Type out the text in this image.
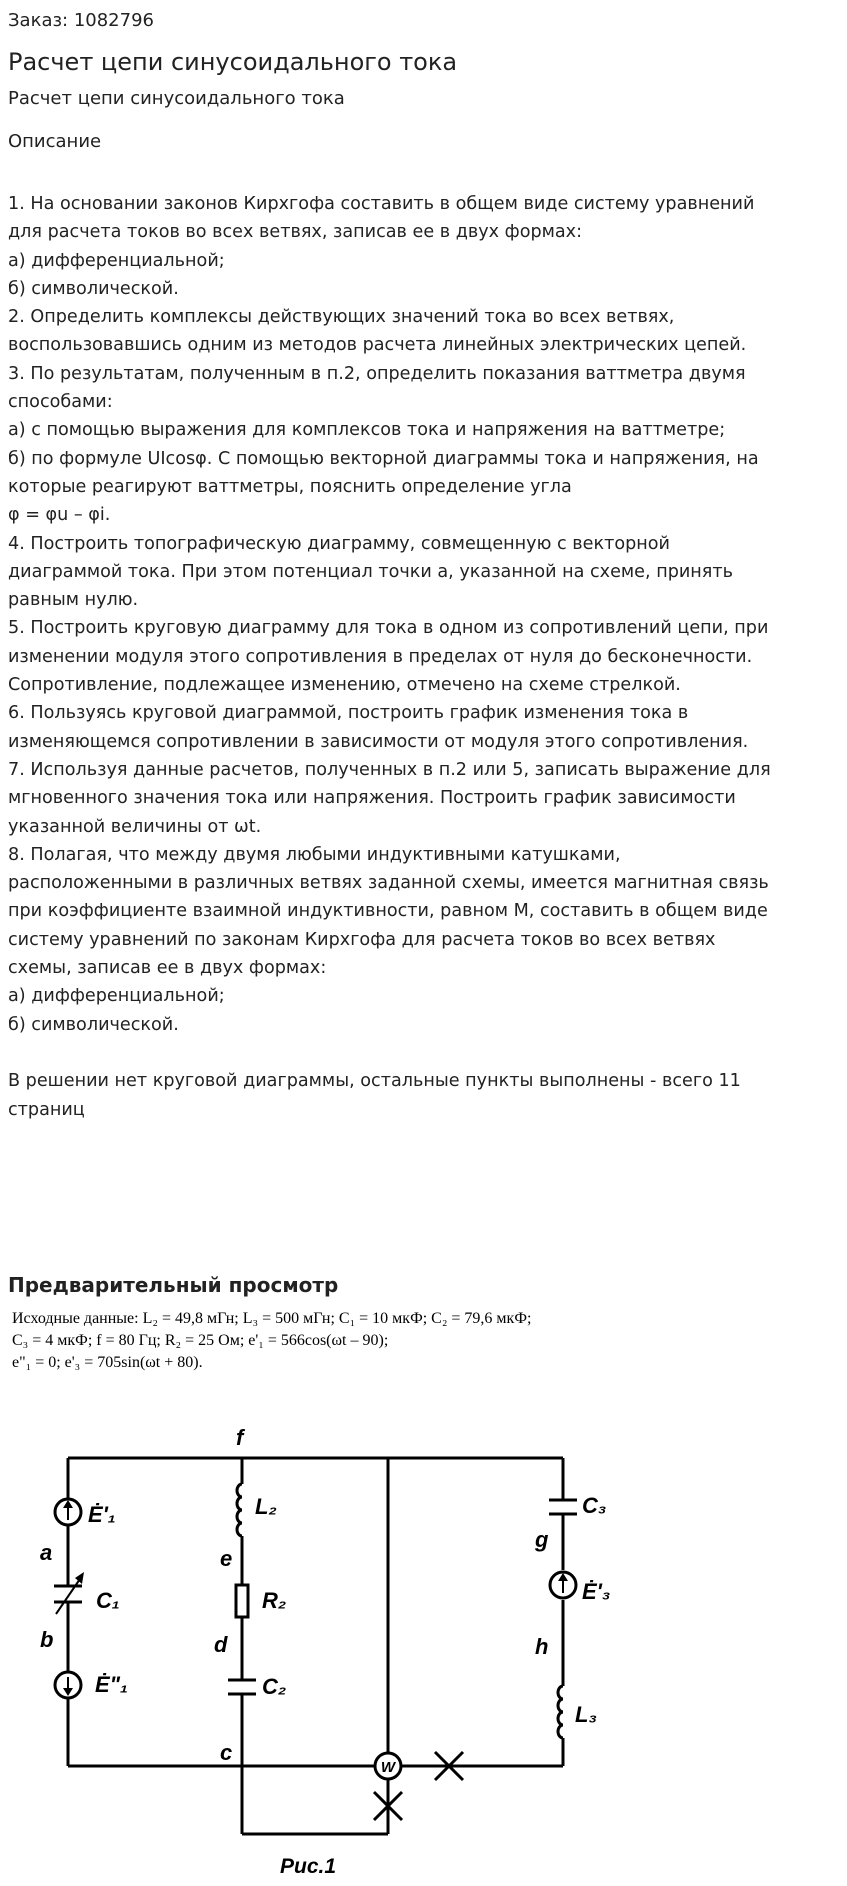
Заказ: 1082796
Расчет цепи синусоидального тока
Расчет цепи синусоидального тока
Описание
1. На основании законов Кирхгофа составить в общем виде систему уравнений
для расчета токов во всех ветвях, записав ее в двух формах:
а) дифференциальной;
б) символической.
2. Определить комплексы действующих значений тока во всех ветвях,
воспользовавшись одним из методов расчета линейных электрических цепей.
3. По результатам, полученным в п.2, определить показания ваттметра двумя
способами:
а) с помощью выражения для комплексов тока и напряжения на ваттметре;
б) по формуле UIcosφ. С помощью векторной диаграммы тока и напряжения, на
которые реагируют ваттметры, пояснить определение угла
φ = φu – φi.
4. Построить топографическую диаграмму, совмещенную с векторной
диаграммой тока. При этом потенциал точки а, указанной на схеме, принять
равным нулю.
5. Построить круговую диаграмму для тока в одном из сопротивлений цепи, при
изменении модуля этого сопротивления в пределах от нуля до бесконечности.
Сопротивление, подлежащее изменению, отмечено на схеме стрелкой.
6. Пользуясь круговой диаграммой, построить график изменения тока в
изменяющемся сопротивлении в зависимости от модуля этого сопротивления.
7. Используя данные расчетов, полученных в п.2 или 5, записать выражение для
мгновенного значения тока или напряжения. Построить график зависимости
указанной величины от ωt.
8. Полагая, что между двумя любыми индуктивными катушками,
расположенными в различных ветвях заданной схемы, имеется магнитная связь
при коэффициенте взаимной индуктивности, равном M, составить в общем виде
систему уравнений по законам Кирхгофа для расчета токов во всех ветвях
схемы, записав ее в двух формах:
а) дифференциальной;
б) символической.
В решении нет круговой диаграммы, остальные пункты выполнены - всего 11
страниц
Предварительный просмотр
Исходные данные: L₂ = 49,8 мГн; L₃ = 500 мГн; C₁ = 10 мкФ; C₂ = 79,6 мкФ;
C₃ = 4 мкФ; f = 80 Гц; R₂ = 25 Ом; e'₁ = 566cos(ωt – 90);
e"₁ = 0; e'₃ = 705sin(ωt + 80).
W
f
a
b
c
d
e
g
h
Ė'₁
C₁
Ė"₁
L₂
R₂
C₂
C₃
Ė'₃
L₃
Рис.1
